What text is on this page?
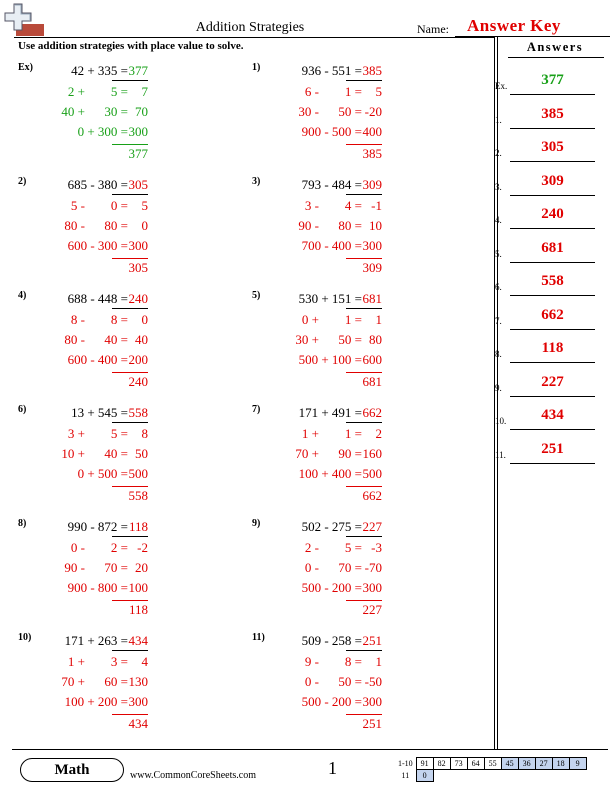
Addition Strategies	Name: Answer Key
Use addition strategies with place value to solve.	Answers
Ex.	377
1.	385
2.	305
3.	309
4.	240
5.	681
6.	558
7.	662
8.	118
9.	227
10.	434
11.	251
Ex)	42 + 335 = 377
2 + 5 =	7
40 + 30 = 70
0 + 300 = 300
377
1)	936 - 551 = 385
6 - 1 =	5
30 - 50 = -20
900 - 500 = 400
385
2)	685 - 380 = 305
5 - 0 =	5
80 - 80 =	0
600 - 300 = 300
305
3)	793 - 484 = 309
3 - 4 = -1
90 - 80 = 10
700 - 400 = 300
309
4)	688 - 448 = 240
8 - 8 =	0
80 - 40 = 40
600 - 400 = 200
240
5)	530 + 151 = 681
0 + 1 =	1
30 + 50 = 80
500 + 100 = 600
681
6)	13 + 545 = 558
3 + 5 =	8
10 + 40 = 50
0 + 500 = 500
558
7)	171 + 491 = 662
1 + 1 =	2
70 + 90 = 160
100 + 400 = 500
662
8)	990 - 872 = 118
0 - 2 = -2
90 - 70 = 20
900 - 800 = 100
118
9)	502 - 275 = 227
2 - 5 = -3
0 - 70 = -70
500 - 200 = 300
227
10)	171 + 263 = 434
1 + 3 =	4
70 + 60 = 130
100 + 200 = 300
434
11)	509 - 258 = 251
9 - 8 =	1
0 - 50 = -50
500 - 200 = 300
251
Math	www.CommonCoreSheets.com	1	1-10	91	82	73	64	55	45	36	27	18	9
11	0									
